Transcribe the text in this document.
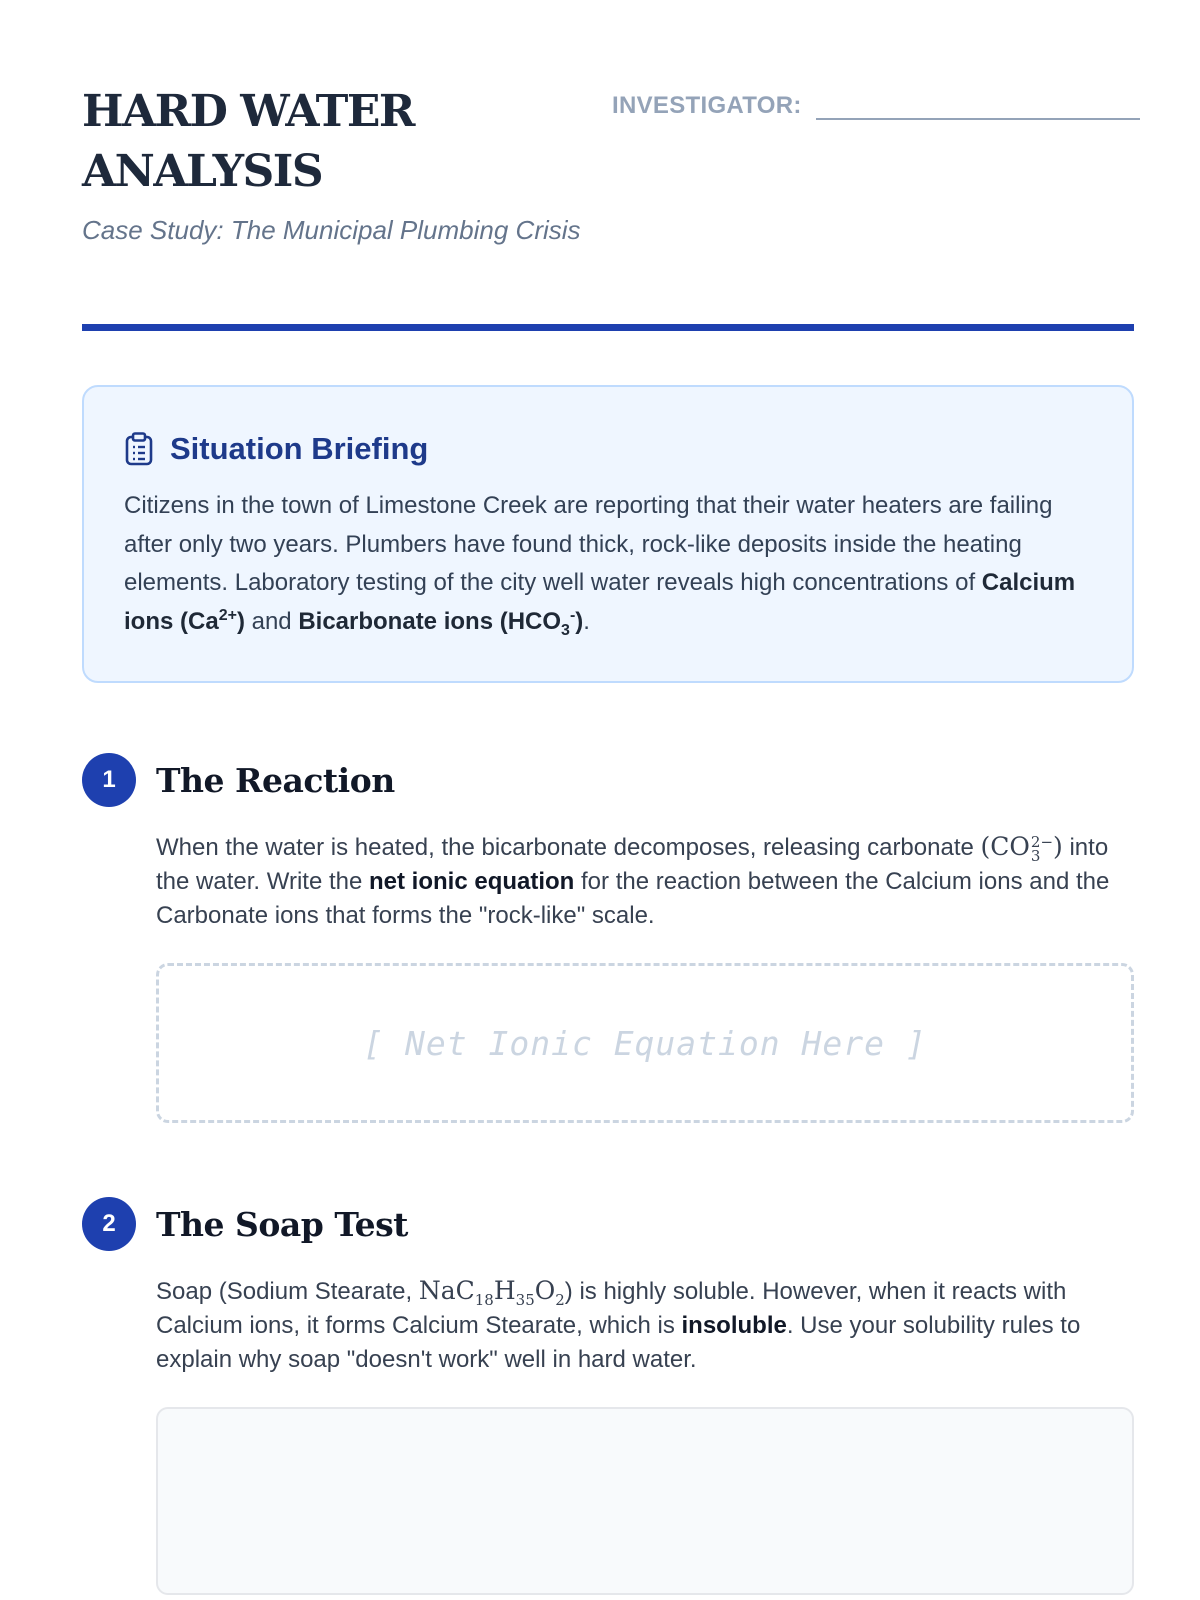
HARD WATER
ANALYSIS
Case Study: The Municipal Plumbing Crisis
INVESTIGATOR:
Situation Briefing

Citizens in the town of Limestone Creek are reporting that their water heaters are failing after only two years. Plumbers have found thick, rock-like deposits inside the heating elements. Laboratory testing of the city well water reveals high concentrations of Calcium ions $(Ca^{2+})$ and Bicarbonate ions $(HCO_3^-)$.

1	The Reaction

When the water is heated, the bicarbonate decomposes, releasing carbonate (CO 2−
3 ) into the water. Write the net ionic equation for the reaction between the Calcium ions and the Carbonate ions that forms the "rock-like" scale.

[ Net Ionic Equation Here ]
2	The Soap Test

Soap (Sodium Stearate, $NaC_{18}H_{35}O_2$) is highly soluble. However, when it reacts with Calcium ions, it forms Calcium Stearate, which is insoluble. Use your solubility rules to explain why soap "doesn't work" well in hard water.
